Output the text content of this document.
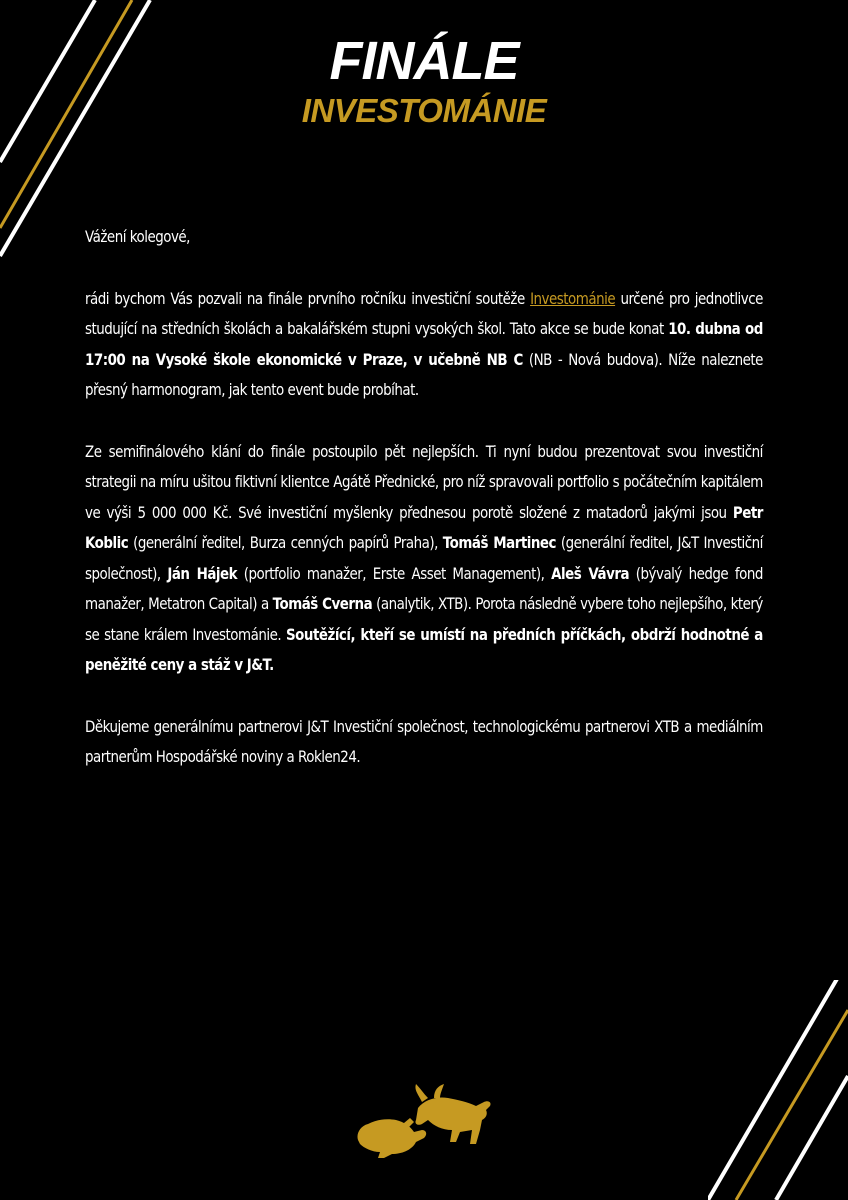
FINÁLE
INVESTOMÁNIE

Vážení kolegové,

rádi bychom Vás pozvali na finále prvního ročníku investiční soutěže Investománie určené pro jednotlivce studující na středních školách a bakalářském stupni vysokých škol. Tato akce se bude konat 10. dubna od 17:00 na Vysoké škole ekonomické v Praze, v učebně NB C (NB - Nová budova). Níže naleznete přesný harmonogram, jak tento event bude probíhat.

Ze semifinálového klání do finále postoupilo pět nejlepších. Ti nyní budou prezentovat svou investiční strategii na míru ušitou fiktivní klientce Agátě Přednické, pro níž spravovali portfolio s počátečním kapitálem ve výši 5 000 000 Kč. Své investiční myšlenky přednesou porotě složené z matadorů jakými jsou Petr Koblic (generální ředitel, Burza cenných papírů Praha), Tomáš Martinec (generální ředitel, J&T Investiční společnost), Ján Hájek (portfolio manažer, Erste Asset Management), Aleš Vávra (bývalý hedge fond manažer, Metatron Capital) a Tomáš Cverna (analytik, XTB). Porota následně vybere toho nejlepšího, který se stane králem Investománie. Soutěžící, kteří se umístí na předních příčkách, obdrží hodnotné a peněžité ceny a stáž v J&T.

Děkujeme generálnímu partnerovi J&T Investiční společnost, technologickému partnerovi XTB a mediálním partnerům Hospodářské noviny a Roklen24.
